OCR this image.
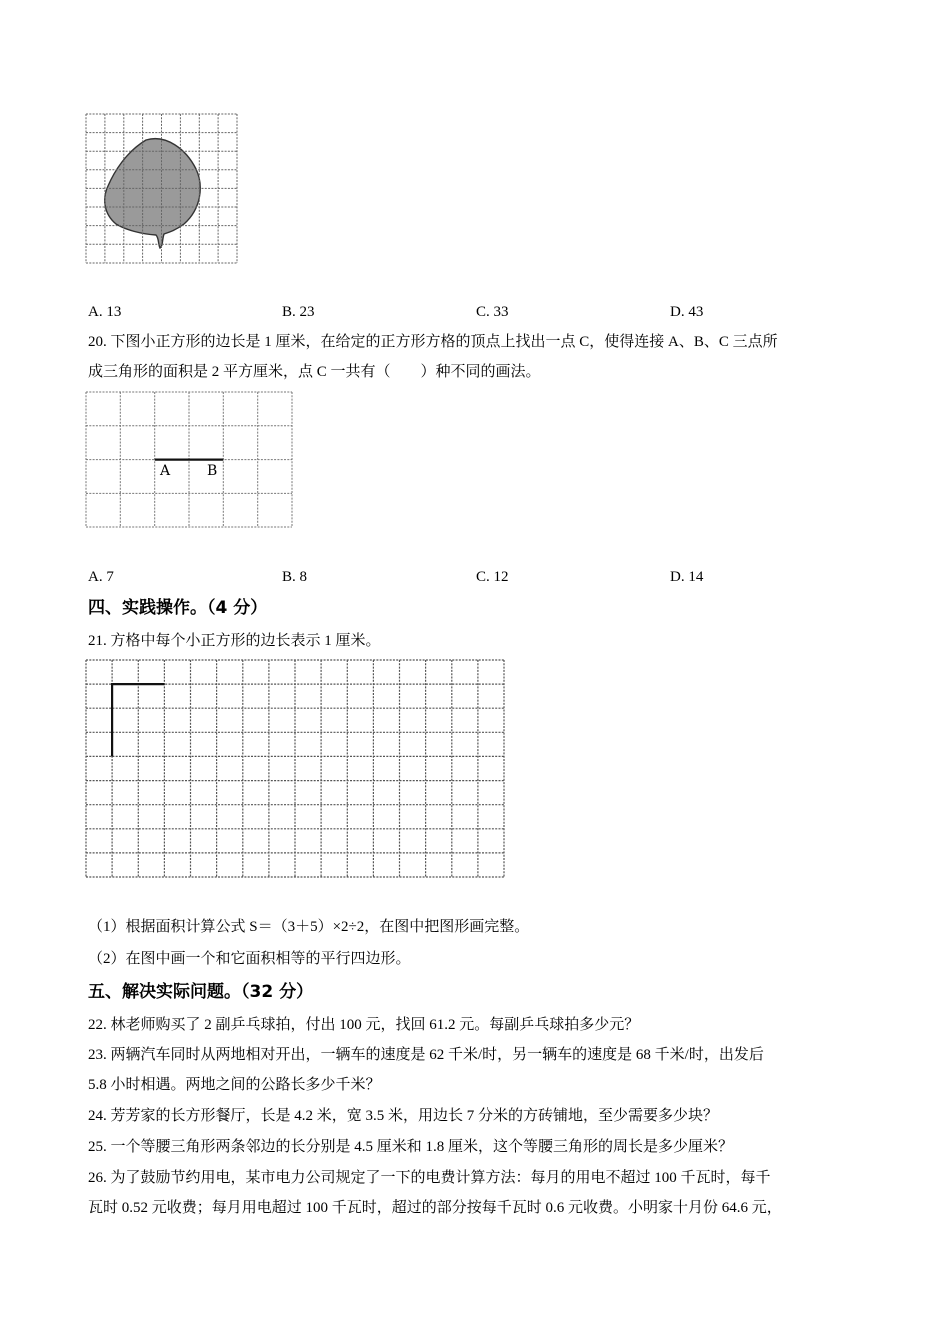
A. 13	B. 23	C. 33	D. 43
20. 下图小正方形的边长是 1 厘米，在给定的正方形方格的顶点上找出一点 C，使得连接 A、B、C 三点所
成三角形的面积是 2 平方厘米，点 C 一共有（　　）种不同的画法。
A	B
A. 7	B. 8	C. 12	D. 14
四、实践操作。（4 分）
21. 方格中每个小正方形的边长表示 1 厘米。
（1）根据面积计算公式 S＝（3＋5）×2÷2，在图中把图形画完整。
（2）在图中画一个和它面积相等的平行四边形。
五、解决实际问题。（32 分）
22. 林老师购买了 2 副乒乓球拍，付出 100 元，找回 61.2 元。每副乒乓球拍多少元？
23. 两辆汽车同时从两地相对开出，一辆车的速度是 62 千米/时，另一辆车的速度是 68 千米/时，出发后
5.8 小时相遇。两地之间的公路长多少千米？
24. 芳芳家的长方形餐厅，长是 4.2 米，宽 3.5 米，用边长 7 分米的方砖铺地，至少需要多少块？
25. 一个等腰三角形两条邻边的长分别是 4.5 厘米和 1.8 厘米，这个等腰三角形的周长是多少厘米？
26. 为了鼓励节约用电，某市电力公司规定了一下的电费计算方法：每月的用电不超过 100 千瓦时，每千
瓦时 0.52 元收费；每月用电超过 100 千瓦时，超过的部分按每千瓦时 0.6 元收费。小明家十月份 64.6 元，
